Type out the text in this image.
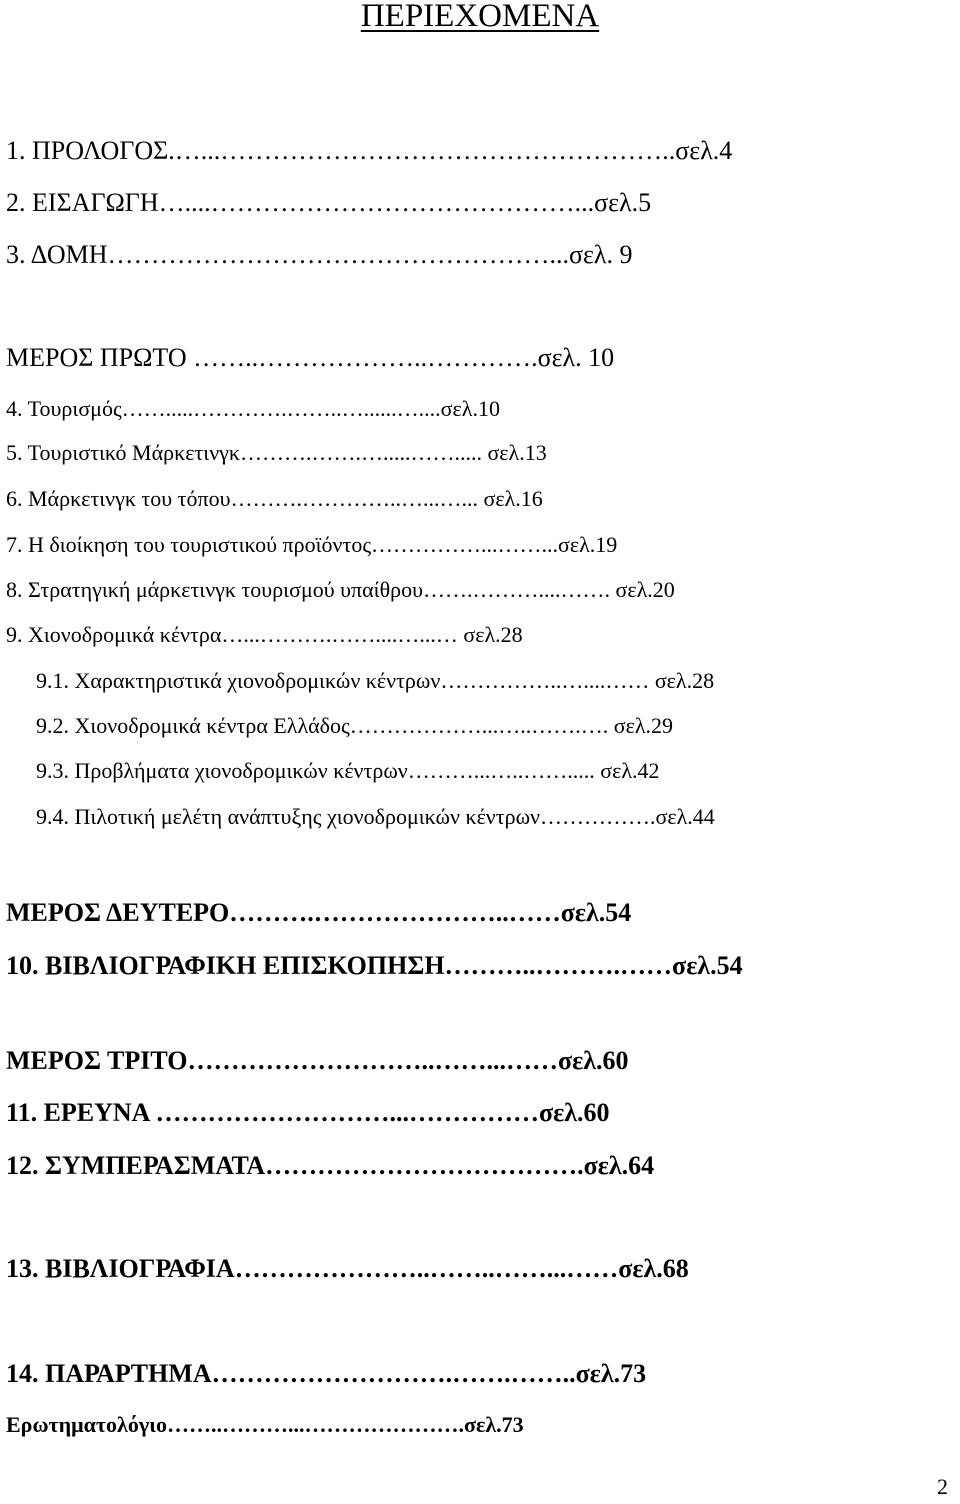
ΠΕΡΙΕΧΟΜΕΝΑ
1. ΠΡΟΛΟΓΟΣ.…...……………………………………………..σελ.4
2. ΕΙΣΑΓΩΓΗ…....……………………………………...σελ.5
3. ΔΟΜΗ……………………………………………...σελ. 9
ΜΕΡΟΣ ΠΡΩΤΟ ……..………………..………….σελ. 10
4. Τουρισμός…….....………….……..…......…....σελ.10
5. Τουριστικό Μάρκετινγκ……….…….….....……..... σελ.13
6. Μάρκετινγκ του τόπου……….…………..…...…... σελ.16
7. Η διοίκηση του τουριστικού προϊόντος……………...……...σελ.19
8. Στρατηγική μάρκετινγκ τουρισμού υπαίθρου…….………....……. σελ.20
9. Χιονοδρομικά κέντρα…...……….……....…...… σελ.28
9.1. Χαρακτηριστικά χιονοδρομικών κέντρων……………..…....…… σελ.28
9.2. Χιονοδρομικά κέντρα Ελλάδος………………...…..…….…. σελ.29
9.3. Προβλήματα χιονοδρομικών κέντρων………...…..……..... σελ.42
9.4. Πιλοτική μελέτη ανάπτυξης χιονοδρομικών κέντρων…………….σελ.44
ΜΕΡΟΣ ΔΕΥΤΕΡΟ……….…………………..……σελ.54
10. ΒΙΒΛΙΟΓΡΑΦΙΚΗ ΕΠΙΣΚΟΠΗΣΗ………..……….……σελ.54
ΜΕΡΟΣ ΤΡΙΤΟ………………………..……...……σελ.60
11. ΕΡΕΥΝΑ ………………………...……………σελ.60
12. ΣΥΜΠΕΡΑΣΜΑΤΑ……………………………….σελ.64
13. ΒΙΒΛΙΟΓΡΑΦΙΑ…………………..……..……...……σελ.68
14. ΠΑΡΑΡΤΗΜΑ……………………….…….……..σελ.73
Ερωτηματολόγιο……..………...………………….σελ.73
2
